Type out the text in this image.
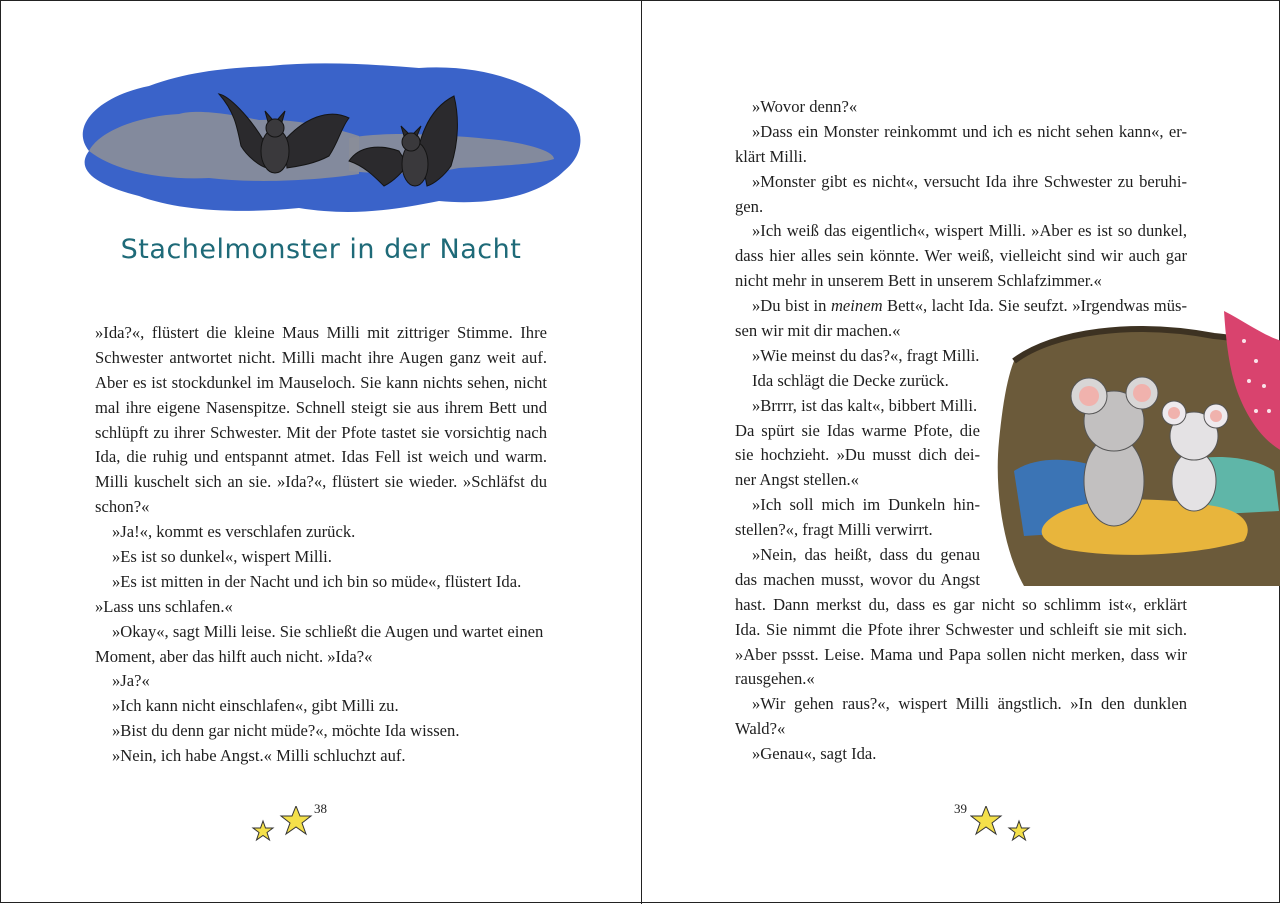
Stachelmonster in der Nacht
»Ida?«, flüstert die kleine Maus Milli mit zittriger Stimme. Ihre
Schwester antwortet nicht. Milli macht ihre Augen ganz weit auf.
Aber es ist stockdunkel im Mauseloch. Sie kann nichts sehen, nicht
mal ihre eigene Nasenspitze. Schnell steigt sie aus ihrem Bett und
schlüpft zu ihrer Schwester. Mit der Pfote tastet sie vorsichtig nach
Ida, die ruhig und entspannt atmet. Idas Fell ist weich und warm.
Milli kuschelt sich an sie. »Ida?«, flüstert sie wieder. »Schläfst du
schon?«
»Ja!«, kommt es verschlafen zurück.
»Es ist so dunkel«, wispert Milli.
»Es ist mitten in der Nacht und ich bin so müde«, flüstert Ida.
»Lass uns schlafen.«
»Okay«, sagt Milli leise. Sie schließt die Augen und wartet einen
Moment, aber das hilft auch nicht. »Ida?«
»Ja?«
»Ich kann nicht einschlafen«, gibt Milli zu.
»Bist du denn gar nicht müde?«, möchte Ida wissen.
»Nein, ich habe Angst.« Milli schluchzt auf.
38
»Wovor denn?«
»Dass ein Monster reinkommt und ich es nicht sehen kann«, er-
klärt Milli.
»Monster gibt es nicht«, versucht Ida ihre Schwester zu beruhi-
gen.
»Ich weiß das eigentlich«, wispert Milli. »Aber es ist so dunkel,
dass hier alles sein könnte. Wer weiß, vielleicht sind wir auch gar
nicht mehr in unserem Bett in unserem Schlafzimmer.«
»Du bist in meinem Bett«, lacht Ida. Sie seufzt. »Irgendwas müs-
sen wir mit dir machen.«
»Wie meinst du das?«, fragt Milli.
Ida schlägt die Decke zurück.
»Brrrr, ist das kalt«, bibbert Milli.
Da spürt sie Idas warme Pfote, die
sie hochzieht. »Du musst dich dei-
ner Angst stellen.«
»Ich soll mich im Dunkeln hin-
stellen?«, fragt Milli verwirrt.
»Nein, das heißt, dass du genau
das machen musst, wovor du Angst
hast. Dann merkst du, dass es gar nicht so schlimm ist«, erklärt
Ida. Sie nimmt die Pfote ihrer Schwester und schleift sie mit sich.
»Aber pssst. Leise. Mama und Papa sollen nicht merken, dass wir
rausgehen.«
»Wir gehen raus?«, wispert Milli ängstlich. »In den dunklen
Wald?«
»Genau«, sagt Ida.
39
